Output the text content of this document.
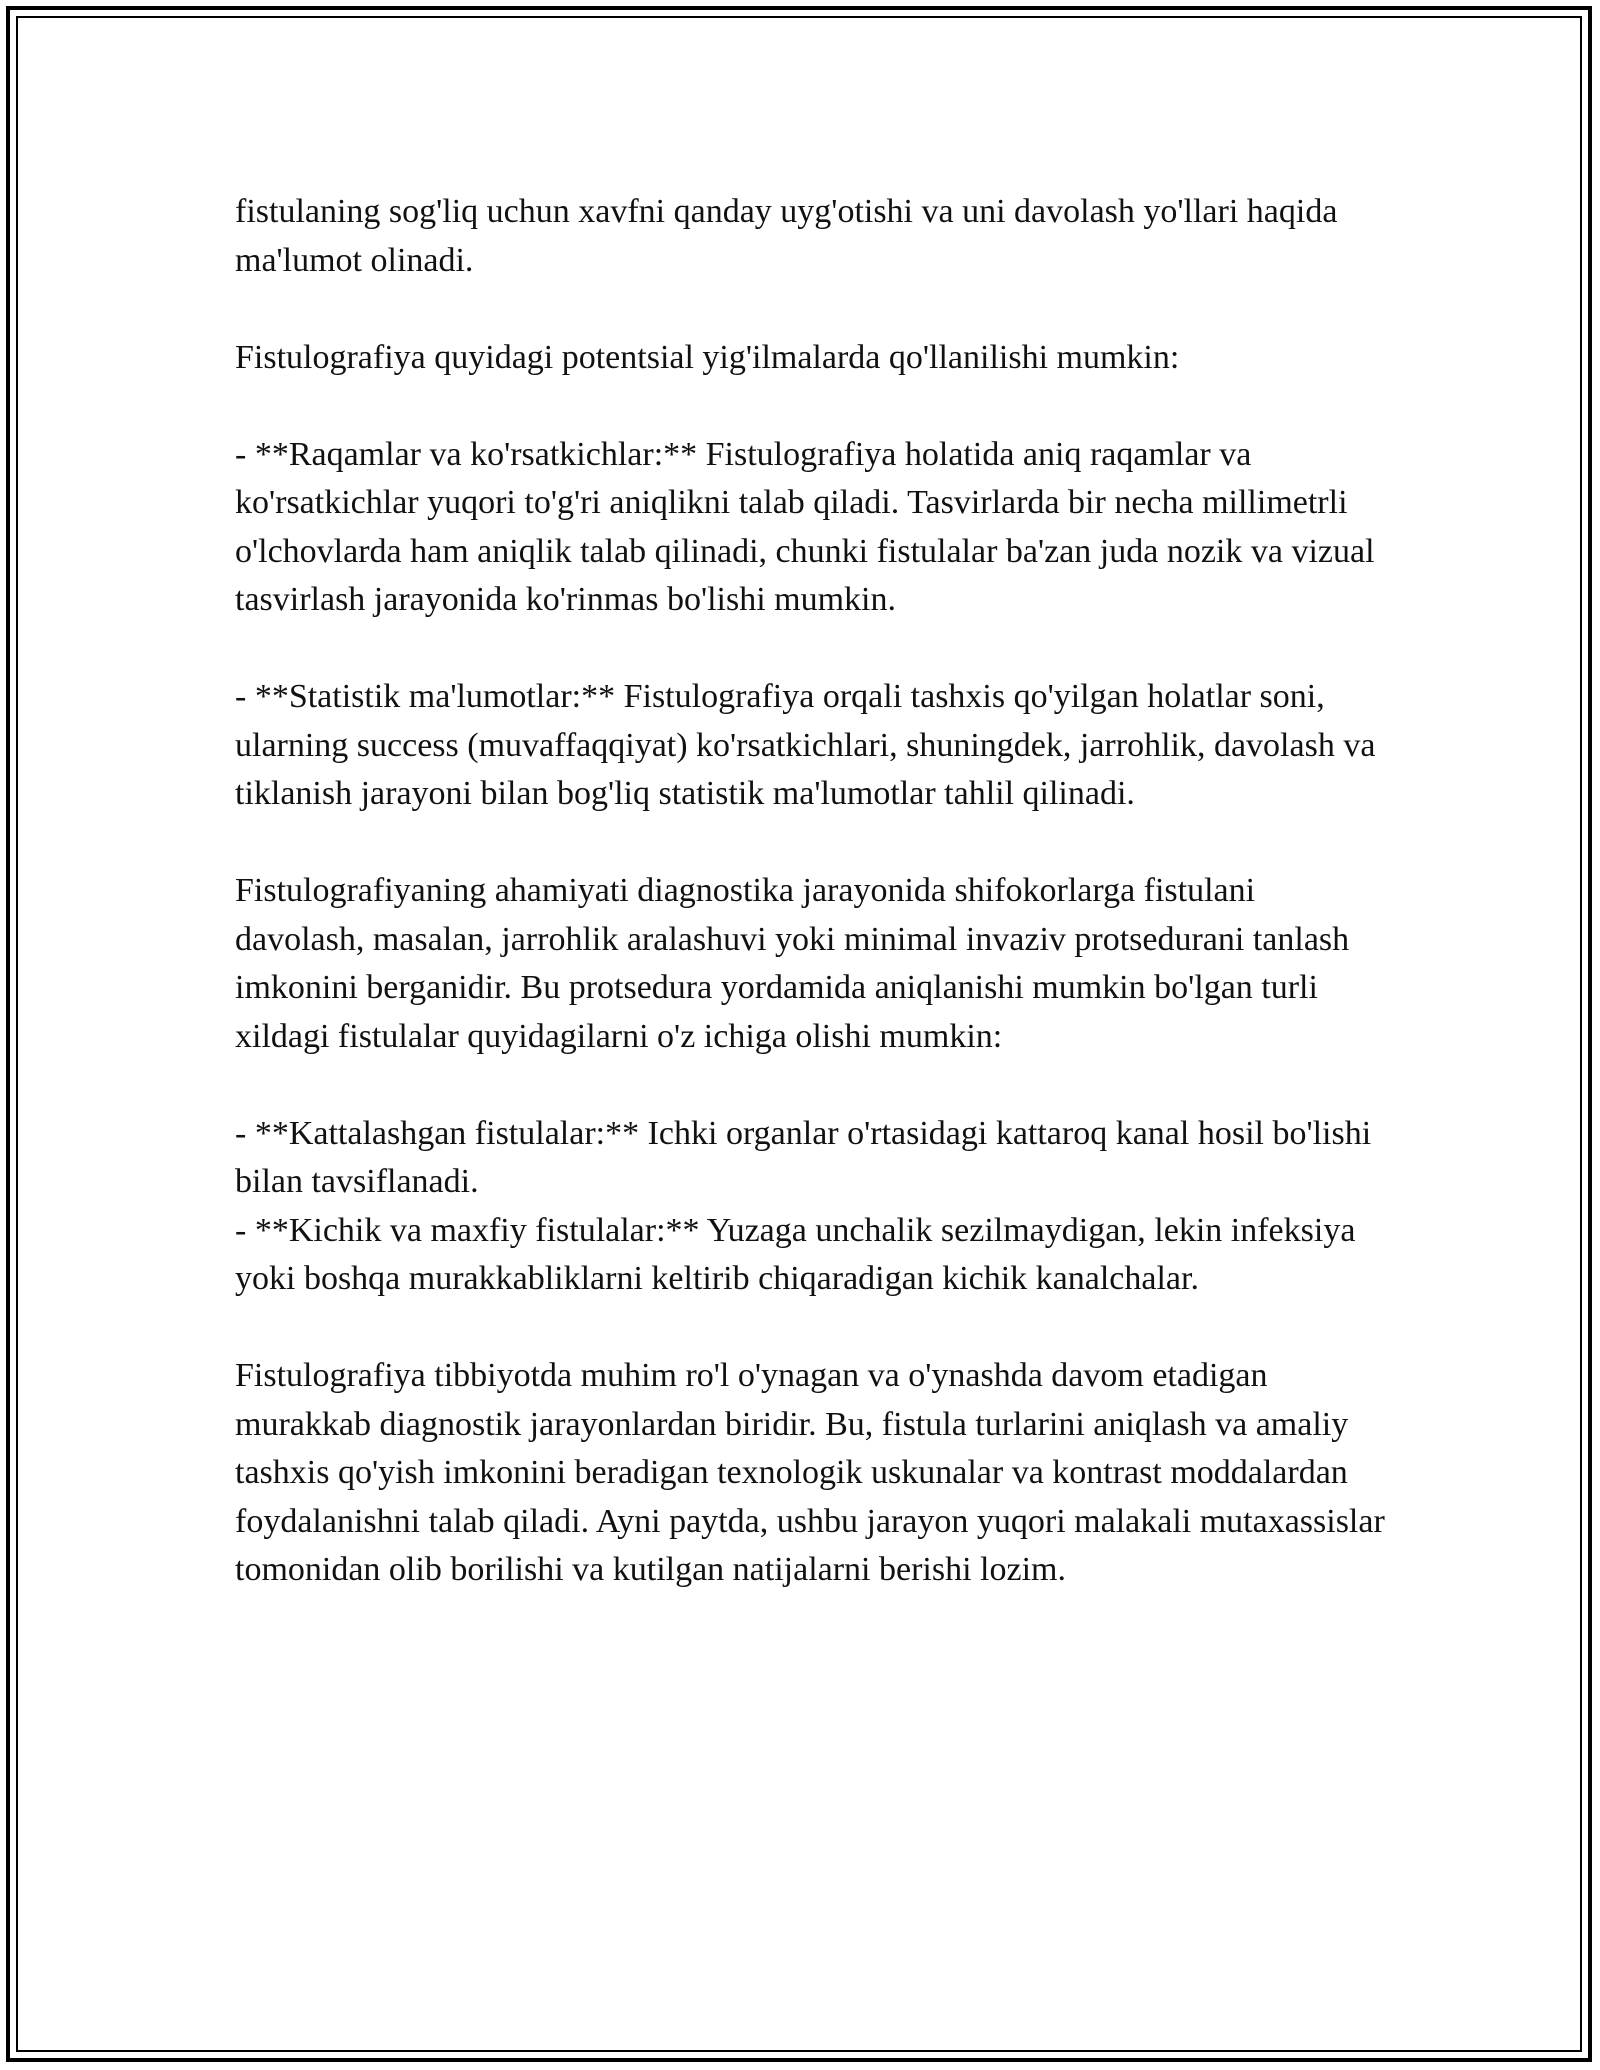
fistulaning sog'liq uchun xavfni qanday uyg'otishi va uni davolash yo'llari haqida ma'lumot olinadi.

Fistulografiya quyidagi potentsial yig'ilmalarda qo'llanilishi mumkin:

- **Raqamlar va ko'rsatkichlar:** Fistulografiya holatida aniq raqamlar va ko'rsatkichlar yuqori to'g'ri aniqlikni talab qiladi. Tasvirlarda bir necha millimetrli o'lchovlarda ham aniqlik talab qilinadi, chunki fistulalar ba'zan juda nozik va vizual tasvirlash jarayonida ko'rinmas bo'lishi mumkin.

- **Statistik ma'lumotlar:** Fistulografiya orqali tashxis qo'yilgan holatlar soni, ularning success (muvaffaqqiyat) ko'rsatkichlari, shuningdek, jarrohlik, davolash va tiklanish jarayoni bilan bog'liq statistik ma'lumotlar tahlil qilinadi.

Fistulografiyaning ahamiyati diagnostika jarayonida shifokorlarga fistulani davolash, masalan, jarrohlik aralashuvi yoki minimal invaziv protsedurani tanlash imkonini berganidir. Bu protsedura yordamida aniqlanishi mumkin bo'lgan turli xildagi fistulalar quyidagilarni o'z ichiga olishi mumkin:

- **Kattalashgan fistulalar:** Ichki organlar o'rtasidagi kattaroq kanal hosil bo'lishi bilan tavsiflanadi.

- **Kichik va maxfiy fistulalar:** Yuzaga unchalik sezilmaydigan, lekin infeksiya yoki boshqa murakkabliklarni keltirib chiqaradigan kichik kanalchalar.

Fistulografiya tibbiyotda muhim ro'l o'ynagan va o'ynashda davom etadigan murakkab diagnostik jarayonlardan biridir. Bu, fistula turlarini aniqlash va amaliy tashxis qo'yish imkonini beradigan texnologik uskunalar va kontrast moddalardan foydalanishni talab qiladi. Ayni paytda, ushbu jarayon yuqori malakali mutaxassislar tomonidan olib borilishi va kutilgan natijalarni berishi lozim.
